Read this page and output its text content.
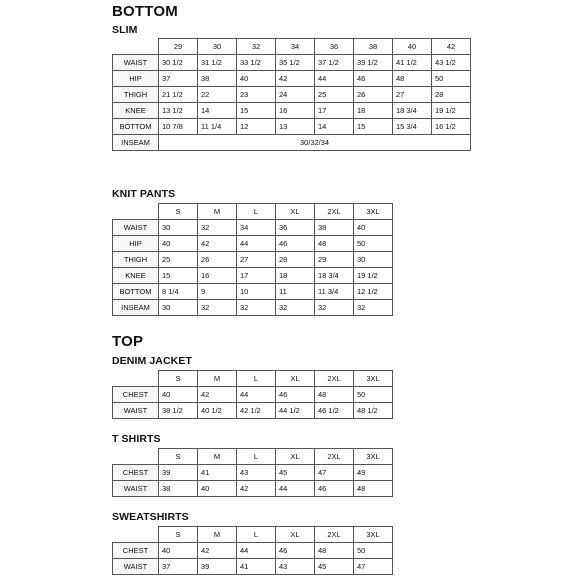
BOTTOM
SLIM
	29	30	32	34	36	38	40	42
WAIST	30 1/2	31 1/2	33 1/2	35 1/2	37 1/2	39 1/2	41 1/2	43 1/2
HIP	37	38	40	42	44	46	48	50
THIGH	21 1/2	22	23	24	25	26	27	28
KNEE	13 1/2	14	15	16	17	18	18 3/4	19 1/2
BOTTOM	10 7/8	11 1/4	12	13	14	15	15 3/4	16 1/2
INSEAM	30/32/34							
KNIT PANTS
	S	M	L	XL	2XL	3XL
WAIST	30	32	34	36	38	40
HIP	40	42	44	46	48	50
THIGH	25	26	27	28	29	30
KNEE	15	16	17	18	18 3/4	19 1/2
BOTTOM	8 1/4	9	10	11	11 3/4	12 1/2
INSEAM	30	32	32	32	32	32
TOP
DENIM JACKET
	S	M	L	XL	2XL	3XL
CHEST	40	42	44	46	48	50
WAIST	38 1/2	40 1/2	42 1/2	44 1/2	46 1/2	48 1/2
T SHIRTS
	S	M	L	XL	2XL	3XL
CHEST	39	41	43	45	47	49
WAIST	38	40	42	44	46	48
SWEATSHIRTS
	S	M	L	XL	2XL	3XL
CHEST	40	42	44	46	48	50
WAIST	37	39	41	43	45	47
